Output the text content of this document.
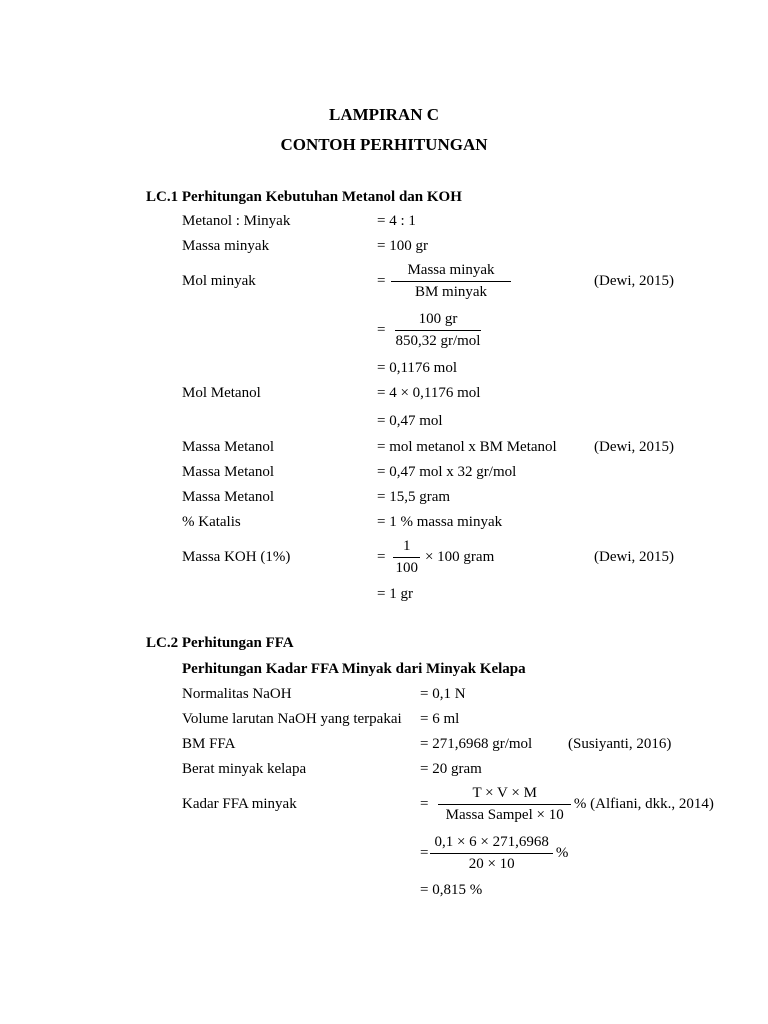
LAMPIRAN C
CONTOH PERHITUNGAN
LC.1 Perhitungan Kebutuhan Metanol dan KOH
Metanol : Minyak	= 4 : 1
Massa minyak	= 100 gr
Mol minyak	= $\frac{\text{Massa minyak}}{\text{BM minyak}}$	(Dewi, 2015)
= $\frac{100 gr}{\text{850,32 gr/mol}}$
= 0,1176 mol
Mol Metanol	= 4 × 0,1176 mol
= 0,47 mol
Massa Metanol	= mol metanol x BM Metanol (Dewi, 2015)
Massa Metanol	= 0,47 mol x 32 gr/mol
Massa Metanol	= 15,5 gram
% Katalis	= 1 % massa minyak
Massa KOH (1%)	= $\frac{1}{100} \times 100$ gram	(Dewi, 2015)
= 1 gr
LC.2 Perhitungan FFA
Perhitungan Kadar FFA Minyak dari Minyak Kelapa
Normalitas NaOH	= 0,1 N
Volume larutan NaOH yang terpakai = 6 ml
BM FFA	= 271,6968 gr/mol (Susiyanti, 2016)
Berat minyak kelapa	= 20 gram
Kadar FFA minyak	= $\frac{T \times V \times M}{\text{Massa Sampel × 10}}$ % (Alfiani, dkk., 2014)
= $\frac{0,1 \times 6 \times 271,6968}{20 \times 10}$ %
= 0,815 %
